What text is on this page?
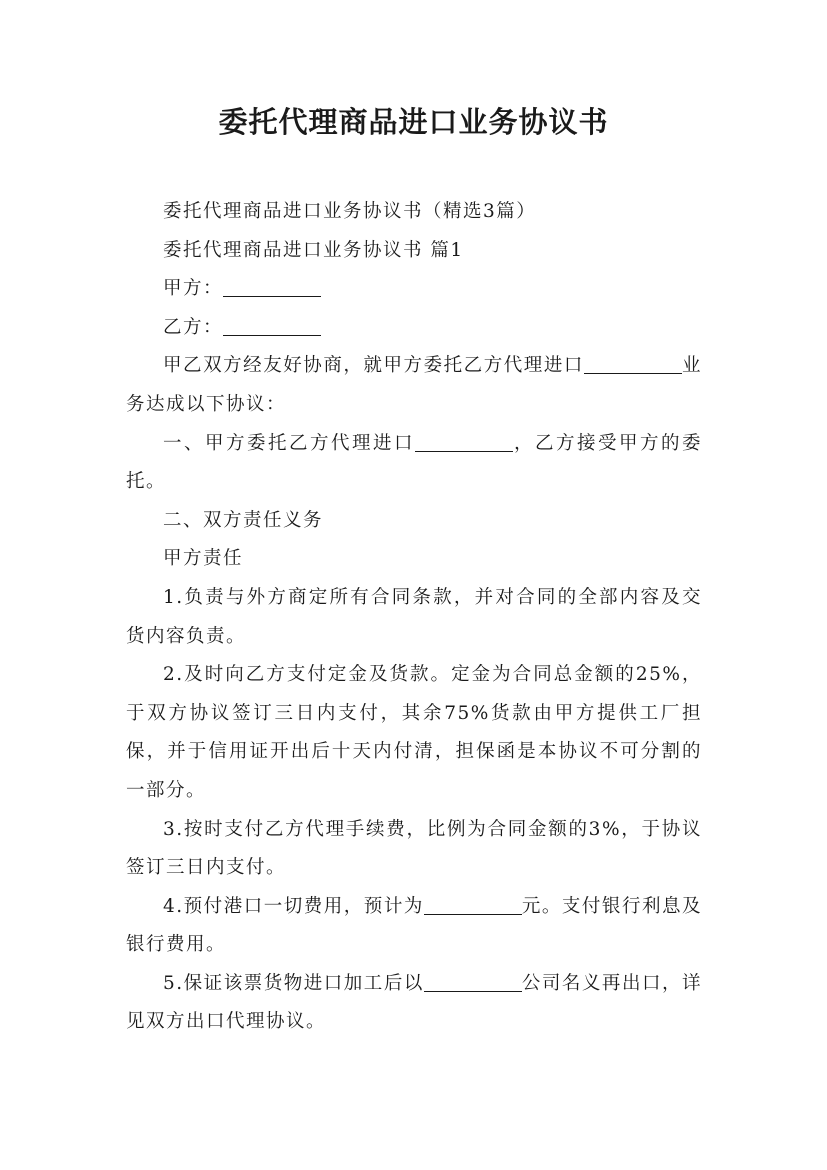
委托代理商品进口业务协议书

委托代理商品进口业务协议书（精选3篇）

委托代理商品进口业务协议书 篇1

甲方：

乙方：

甲乙双方经友好协商，就甲方委托乙方代理进口	业务达成以下协议：

一、甲方委托乙方代理进口	，乙方接受甲方的委托。

二、双方责任义务

甲方责任

1.负责与外方商定所有合同条款，并对合同的全部内容及交货内容负责。

2.及时向乙方支付定金及货款。定金为合同总金额的25%，于双方协议签订三日内支付，其余75%货款由甲方提供工厂担保，并于信用证开出后十天内付清，担保函是本协议不可分割的一部分。

3.按时支付乙方代理手续费，比例为合同金额的3%，于协议签订三日内支付。

4.预付港口一切费用，预计为	元。支付银行利息及银行费用。

5.保证该票货物进口加工后以	公司名义再出口，详见双方出口代理协议。
